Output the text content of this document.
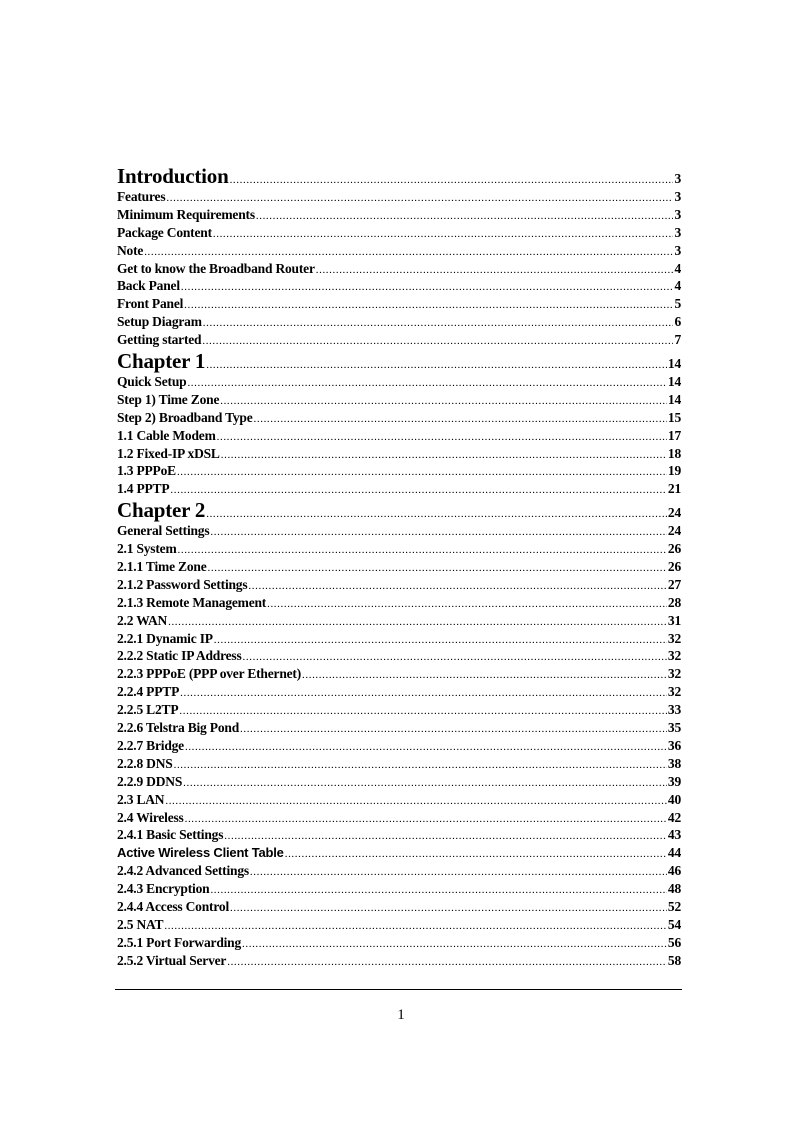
Introduction .....	3
Features .....	3
Minimum Requirements .....	3
Package Content .....	3
Note .....	3
Get to know the Broadband Router .....	4
Back Panel .....	4
Front Panel .....	5
Setup Diagram .....	6
Getting started .....	7
Chapter 1 .....	14
Quick Setup .....	14
Step 1) Time Zone .....	14
Step 2) Broadband Type .....	15
1.1 Cable Modem .....	17
1.2 Fixed-IP xDSL .....	18
1.3 PPPoE .....	19
1.4 PPTP .....	21
Chapter 2 .....	24
General Settings .....	24
2.1 System .....	26
2.1.1 Time Zone .....	26
2.1.2 Password Settings .....	27
2.1.3 Remote Management .....	28
2.2 WAN .....	31
2.2.1 Dynamic IP .....	32
2.2.2 Static IP Address .....	32
2.2.3 PPPoE (PPP over Ethernet) .....	32
2.2.4 PPTP .....	32
2.2.5 L2TP .....	33
2.2.6 Telstra Big Pond .....	35
2.2.7 Bridge .....	36
2.2.8 DNS .....	38
2.2.9 DDNS .....	39
2.3 LAN .....	40
2.4 Wireless .....	42
2.4.1 Basic Settings .....	43
Active Wireless Client Table .....	44
2.4.2 Advanced Settings .....	46
2.4.3 Encryption .....	48
2.4.4 Access Control .....	52
2.5 NAT .....	54
2.5.1 Port Forwarding .....	56
2.5.2 Virtual Server .....	58
1
